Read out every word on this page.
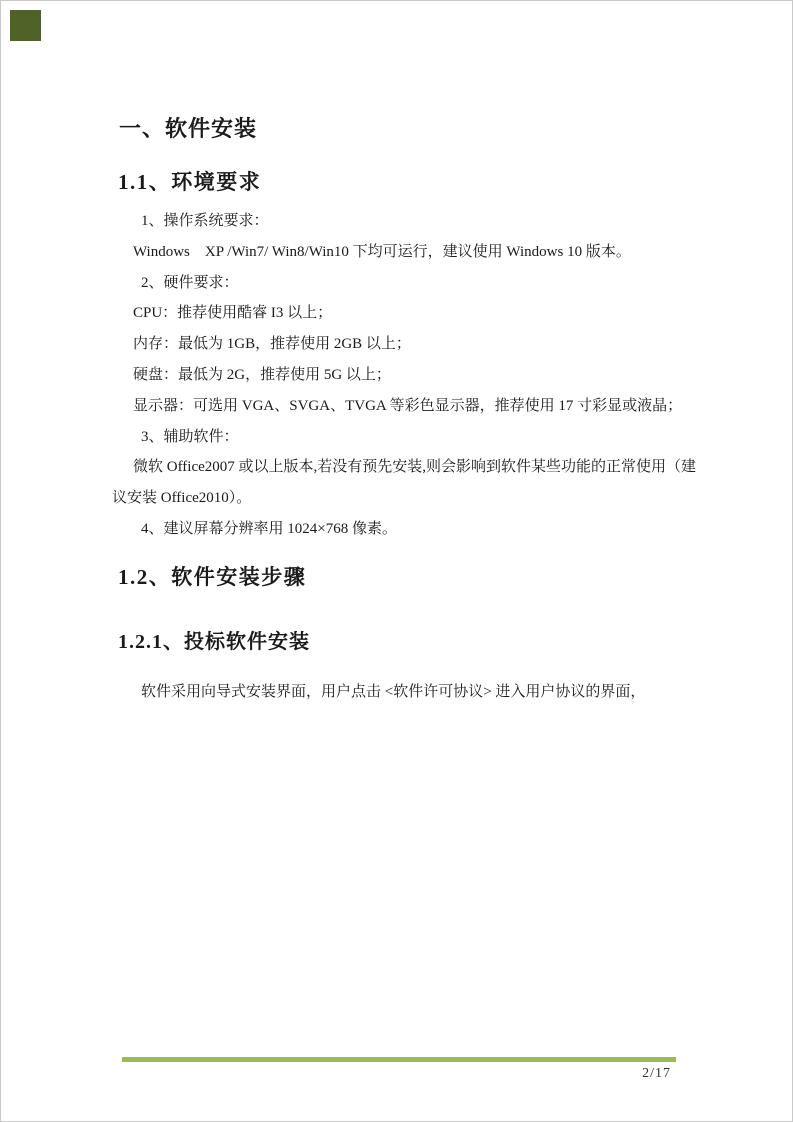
一、软件安装
1.1、环境要求
1、操作系统要求：
Windows　XP /Win7/ Win8/Win10 下均可运行，建议使用 Windows 10 版本。
2、硬件要求：
CPU：推荐使用酷睿 I3 以上；
内存：最低为 1GB，推荐使用 2GB 以上；
硬盘：最低为 2G，推荐使用 5G 以上；
显示器：可选用 VGA、SVGA、TVGA 等彩色显示器，推荐使用 17 寸彩显或液晶；
3、辅助软件：
微软 Office2007 或以上版本,若没有预先安装,则会影响到软件某些功能的正常使用（建
议安装 Office2010）。
4、建议屏幕分辨率用 1024×768 像素。
1.2、软件安装步骤
1.2.1、投标软件安装
软件采用向导式安装界面，用户点击 <软件许可协议> 进入用户协议的界面，
2/17
